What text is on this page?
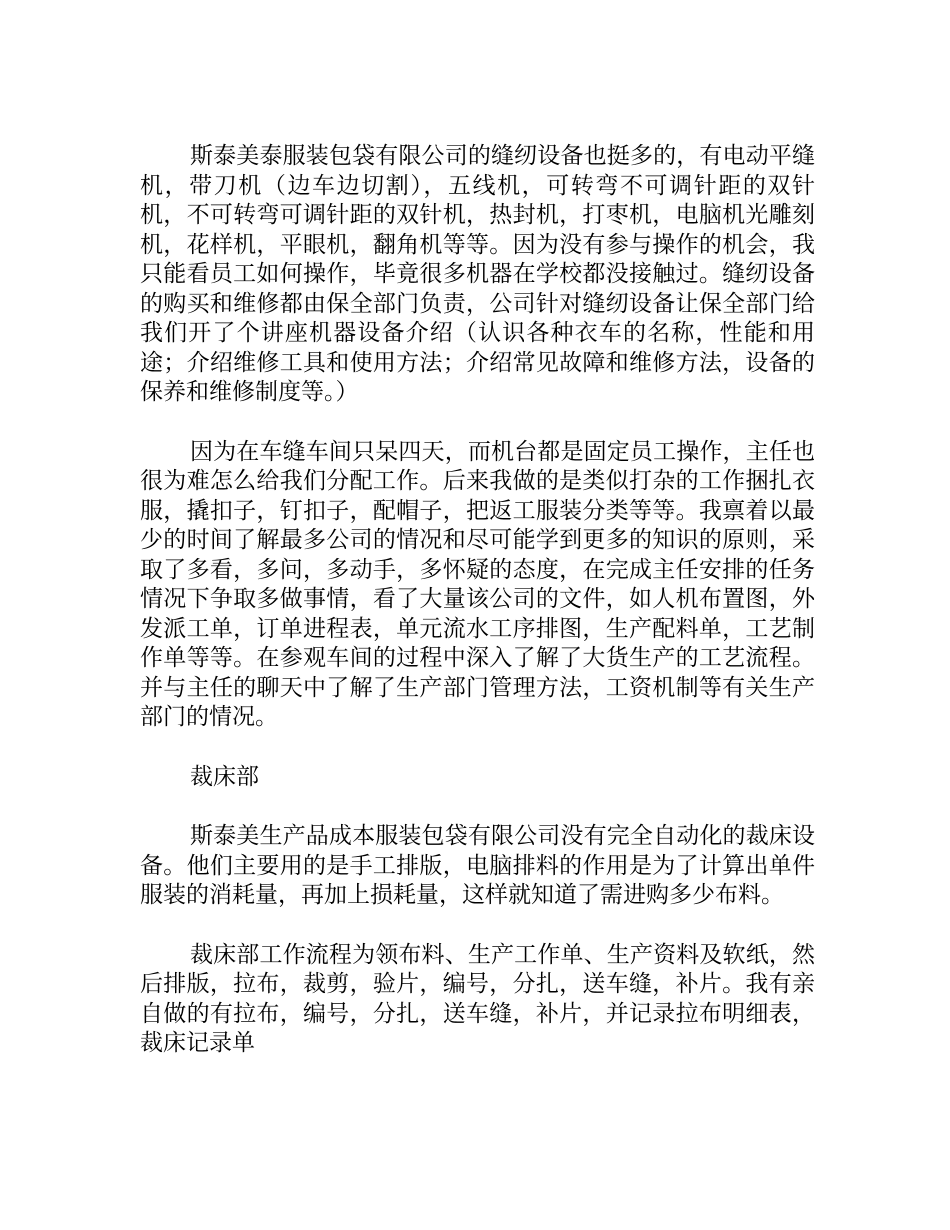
斯泰美泰服装包袋有限公司的缝纫设备也挺多的，有电动平缝机，带刀机（边车边切割），五线机，可转弯不可调针距的双针机，不可转弯可调针距的双针机，热封机，打枣机，电脑机光雕刻机，花样机，平眼机，翻角机等等。因为没有参与操作的机会，我只能看员工如何操作，毕竟很多机器在学校都没接触过。缝纫设备的购买和维修都由保全部门负责，公司针对缝纫设备让保全部门给我们开了个讲座机器设备介绍（认识各种衣车的名称，性能和用途；介绍维修工具和使用方法；介绍常见故障和维修方法，设备的保养和维修制度等。）

因为在车缝车间只呆四天，而机台都是固定员工操作，主任也很为难怎么给我们分配工作。后来我做的是类似打杂的工作捆扎衣服，撬扣子，钉扣子，配帽子，把返工服装分类等等。我禀着以最少的时间了解最多公司的情况和尽可能学到更多的知识的原则，采取了多看，多问，多动手，多怀疑的态度，在完成主任安排的任务情况下争取多做事情，看了大量该公司的文件，如人机布置图，外发派工单，订单进程表，单元流水工序排图，生产配料单，工艺制作单等等。在参观车间的过程中深入了解了大货生产的工艺流程。并与主任的聊天中了解了生产部门管理方法，工资机制等有关生产部门的情况。

裁床部

斯泰美生产品成本服装包袋有限公司没有完全自动化的裁床设备。他们主要用的是手工排版，电脑排料的作用是为了计算出单件服装的消耗量，再加上损耗量，这样就知道了需进购多少布料。

裁床部工作流程为领布料、生产工作单、生产资料及软纸，然后排版，拉布，裁剪，验片，编号，分扎，送车缝，补片。我有亲自做的有拉布，编号，分扎，送车缝，补片，并记录拉布明细表，裁床记录单
